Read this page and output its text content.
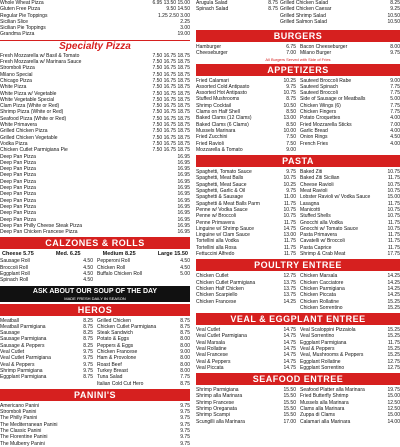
Whole Wheat Pizza	6.95 13.50 15.00
Gluten Free Pizza	9.50 14.50
Regular Pie Toppings	1.25 2.50 3.00
Sicilian Slice	2.25
Sicilian Pie Toppings	3.00
Grandma Pizza	19.00
Specialty Pizza
Fresh Mozzarella w/ Basil & Tomato	7.50 16.75 18.75
Fresh Mozzarella w/ Marinara Sauce	7.50 16.75 18.75
Stromboli Pizza	7.50 16.75 18.75
Milano Special	7.50 16.75 18.75
Chicago Pizza	7.50 16.75 18.75
White Pizza	7.50 16.75 18.75
White Pizza w/ Vegetable	7.50 16.75 18.75
White Vegetable Special	7.50 16.75 18.75
Clam Pizza (White or Red)	7.50 16.75 18.75
Shrimp Pizza (White or Red)	7.50 16.75 18.75
Seafood Pizza (White or Red)	7.50 16.75 18.75
White Primavera	7.50 16.75 18.75
Grilled Chicken Pizza	7.50 16.75 18.75
Grilled Chicken Vegetable	7.50 16.75 18.75
Vodka Pizza	7.50 16.75 18.75
Chicken Cutlet Parmigiana Pie	7.50 16.75 18.75
Deep Pan Pizza	16.95
Deep Pan Pizza	16.95
Deep Pan Pizza	16.95
Deep Pan Pizza	16.95
Deep Pan Pizza	16.95
Deep Pan Pizza	16.95
Deep Pan Pizza	16.95
Deep Pan Pizza	16.95
Deep Pan Pizza	16.95
Deep Pan Pizza	16.95
Deep Pan Pizza	16.95
Deep Pan Philly Cheese Steak Pizza	16.95
Deep Pan Chicken Francese Pizza	16.95
CALZONES & ROLLS
Cheese 5.75	Med. 6.25	Medium 8.25	Large 15.50
Sausage Roll	4.50
Broccoli Roll	4.50
Eggplant Roll	4.50
Spinach Roll	4.50
Pepperoni Roll	4.50
Chicken Roll	4.50
Buffalo Chicken Roll	5.00
ASK ABOUT OUR SOUP OF THE DAY
MADE FRESH DAILY IN SEASON
HEROS
Meatball	8.25
Meatball Parmigiana	8.75
Sausage	8.25
Sausage Parmigiana	8.75
Sausage & Peppers	8.25
Veal Cutlet	9.75
Veal Cutlet Parmigiana	9.75
Veal & Peppers	9.75
Shrimp Parmigiana	9.75
Eggplant Parmigiana	8.75
Grilled Chicken	8.75
Chicken Cutlet Parmigiana	8.75
Steak Sandwich	8.75
Potato & Eggs	8.00
Peppers & Eggs	8.00
Chicken Francese	9.00
Ham & Provolone	8.00
Roast Beef	8.00
Turkey Breast	8.00
Tuna Salad	7.75
Italian Cold Cut Hero	8.75
PANINI'S
Americano Panini	9.75
Stromboli Panini	9.75
The Philly Panini	9.75
The Mediterranean Panini	9.75
The Classic Panini	9.75
The Florentine Panini	9.75
The Mulberry Panini	9.75
Arugula Salad	8.75
Spinach Salad	8.75
Grilled Chicken Salad	8.25
Grilled Chicken Caesar	9.25
Grilled Shrimp Salad	10.50
Grilled Salmon Salad	10.50
BURGERS
Hamburger	6.75
Cheeseburger	7.00
Bacon Cheeseburger	8.00
Milano Burger	9.75
All Burgers Served with Side of Fries
APPETIZERS
Fried Calamari	10.25
Assorted Cold Antipasto	9.75
Assorted Hot Antipasto	10.75
Stuffed Mushrooms	8.75
Shrimp Cocktail	10.50
Clams on Half Shell	8.50
Baked Clams (12 Clams)	13.00
Baked Clams (6 Clams)	8.50
Mussels Marinara	10.00
Fried Zucchini	7.50
Fried Ravioli	7.50
Mozzarella & Tomato	9.00
Sauteed Broccoli Rabe	9.00
Sauteed Spinach	7.75
Sauteed Broccoli	7.75
Side of Sausage or Meatballs	5.00
Chicken Wings (6)	7.75
Chicken Fingers	7.75
Potato Croquettes	4.00
Fried Mozzarella Sticks	7.00
Garlic Bread	4.00
Onion Rings	4.50
French Fries	4.00
PASTA
Spaghetti, Tomato Sauce	9.75
Spaghetti, Meat Balls	10.75
Spaghetti, Meat Sauce	10.25
Spaghetti, Garlic & Oil	9.75
Spaghetti & Sausage	11.00
Spaghetti & Meat Balls Parm	11.75
Penne w/ Vodka Sauce	10.75
Penne w/ Broccoli	10.75
Penne Primavera	11.75
Linguine w/ Shrimp Sauce	14.75
Linguine w/ Clam Sauce	13.00
Tortellini alla Vodka	11.75
Tortellini alla Rosa	11.75
Fettuccini Alfredo	11.75
Baked Ziti	10.75
Baked Ziti Sicilian	11.75
Cheese Ravioli	10.75
Meat Ravioli	10.75
Lobster Ravioli w/ Vodka Sauce	15.00
Lasagna	11.75
Manicotti	10.75
Stuffed Shells	10.75
Gnocchi alla Vodka	11.75
Gnocchi w/ Tomato Sauce	10.75
Pasta Primavera	11.75
Cavatelli w/ Broccoli	11.75
Pasta Caprice	11.75
Shrimp & Crab Meat	17.75
POULTRY ENTREE
Chicken Cutlet	12.75
Chicken Cutlet Parmigiana	13.75
Chicken Half Chicken	13.75
Chicken Scarpiello	13.75
Chicken Francese	14.25
Chicken Marsala	14.25
Chicken Cacciatore	14.25
Chicken Parmigiana	14.25
Chicken Piccata	14.25
Chicken Rollatine	15.25
Chicken Sorrentino	15.25
VEAL & EGGPLANT ENTREE
Veal Cutlet	14.75
Veal Cutlet Parmigiana	14.75
Veal Marsala	14.75
Veal Rollatine	14.75
Veal Francese	14.75
Veal & Peppers	14.75
Veal Piccata	14.75
Veal Scaloppini Pizzaiola	15.25
Veal Sorrentino	15.25
Eggplant Parmigiana	11.75
Veal & Peppers	15.25
Veal, Mushrooms & Peppers	15.25
Eggplant Rollatine	12.75
Eggplant Sorrentino	12.75
SEAFOOD ENTREE
Shrimp Parmigiana	15.50
Shrimp alla Marinara	15.50
Shrimp Francese	15.50
Shrimp Oreganata	15.50
Shrimp Scampi	15.50
Scungilli alla Marinara	17.00
Seafood Platter alla Marinara	19.75
Fried Butterfly Shrimp	15.00
Mussels alla Marinara	12.50
Clams alla Marinara	12.50
Zuppa di Clams	15.00
Calamari alla Marinara	14.00
